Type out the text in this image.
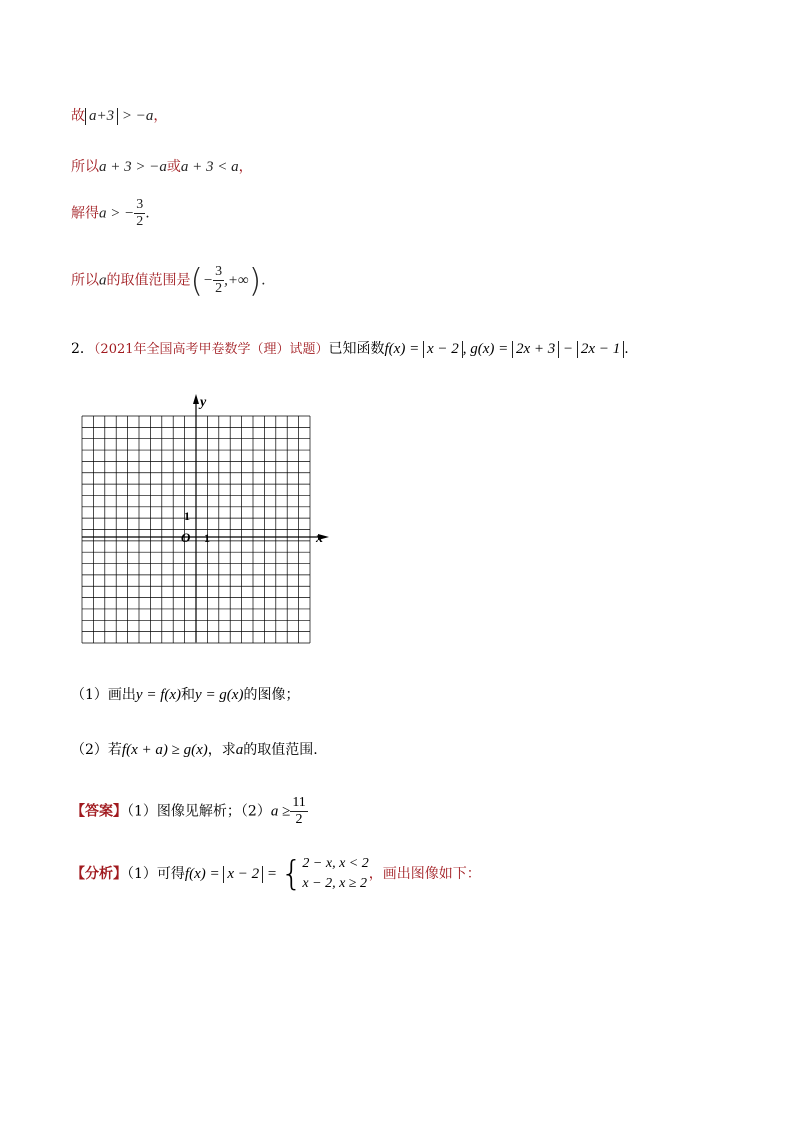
故 a+3 > −a，
所以a + 3 > −a或a + 3 < a，
解得a > − $\frac{3}{2}$ .
所以a的取值范围是(− $\frac{3}{2}$ ,+∞).
2．（2021年全国高考甲卷数学（理）试题）已知函数f(x) = x − 2 , g(x) = 2x + 3 − 2x − 1 .
y
x
O 1
1
（1）画出y = f(x)和y = g(x)的图像；
（2）若f(x + a) ≥ g(x)，求a的取值范围.
【答案】（1）图像见解析；$(2)a \ge \frac{11}{2}$
【分析】（1）可得f(x) = x − 2 = { 2 − x, x < 2
x − 2, x ≥ 2
，画出图像如下：
